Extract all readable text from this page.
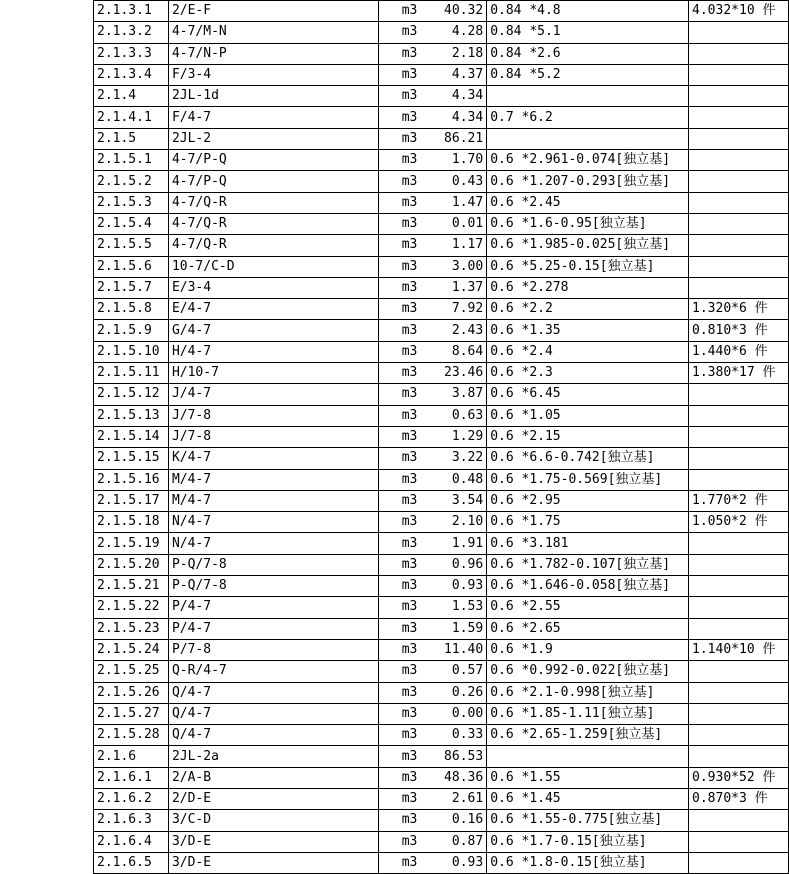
2.1.3.1	2/E-F	m3	40.32	0.84 *4.8	4.032*10 件
2.1.3.2	4-7/M-N	m3	4.28	0.84 *5.1	
2.1.3.3	4-7/N-P	m3	2.18	0.84 *2.6	
2.1.3.4	F/3-4	m3	4.37	0.84 *5.2	
2.1.4	2JL-1d	m3	4.34		
2.1.4.1	F/4-7	m3	4.34	0.7 *6.2	
2.1.5	2JL-2	m3	86.21		
2.1.5.1	4-7/P-Q	m3	1.70	0.6 *2.961-0.074[独立基]	
2.1.5.2	4-7/P-Q	m3	0.43	0.6 *1.207-0.293[独立基]	
2.1.5.3	4-7/Q-R	m3	1.47	0.6 *2.45	
2.1.5.4	4-7/Q-R	m3	0.01	0.6 *1.6-0.95[独立基]	
2.1.5.5	4-7/Q-R	m3	1.17	0.6 *1.985-0.025[独立基]	
2.1.5.6	10-7/C-D	m3	3.00	0.6 *5.25-0.15[独立基]	
2.1.5.7	E/3-4	m3	1.37	0.6 *2.278	
2.1.5.8	E/4-7	m3	7.92	0.6 *2.2	1.320*6 件
2.1.5.9	G/4-7	m3	2.43	0.6 *1.35	0.810*3 件
2.1.5.10	H/4-7	m3	8.64	0.6 *2.4	1.440*6 件
2.1.5.11	H/10-7	m3	23.46	0.6 *2.3	1.380*17 件
2.1.5.12	J/4-7	m3	3.87	0.6 *6.45	
2.1.5.13	J/7-8	m3	0.63	0.6 *1.05	
2.1.5.14	J/7-8	m3	1.29	0.6 *2.15	
2.1.5.15	K/4-7	m3	3.22	0.6 *6.6-0.742[独立基]	
2.1.5.16	M/4-7	m3	0.48	0.6 *1.75-0.569[独立基]	
2.1.5.17	M/4-7	m3	3.54	0.6 *2.95	1.770*2 件
2.1.5.18	N/4-7	m3	2.10	0.6 *1.75	1.050*2 件
2.1.5.19	N/4-7	m3	1.91	0.6 *3.181	
2.1.5.20	P-Q/7-8	m3	0.96	0.6 *1.782-0.107[独立基]	
2.1.5.21	P-Q/7-8	m3	0.93	0.6 *1.646-0.058[独立基]	
2.1.5.22	P/4-7	m3	1.53	0.6 *2.55	
2.1.5.23	P/4-7	m3	1.59	0.6 *2.65	
2.1.5.24	P/7-8	m3	11.40	0.6 *1.9	1.140*10 件
2.1.5.25	Q-R/4-7	m3	0.57	0.6 *0.992-0.022[独立基]	
2.1.5.26	Q/4-7	m3	0.26	0.6 *2.1-0.998[独立基]	
2.1.5.27	Q/4-7	m3	0.00	0.6 *1.85-1.11[独立基]	
2.1.5.28	Q/4-7	m3	0.33	0.6 *2.65-1.259[独立基]	
2.1.6	2JL-2a	m3	86.53		
2.1.6.1	2/A-B	m3	48.36	0.6 *1.55	0.930*52 件
2.1.6.2	2/D-E	m3	2.61	0.6 *1.45	0.870*3 件
2.1.6.3	3/C-D	m3	0.16	0.6 *1.55-0.775[独立基]	
2.1.6.4	3/D-E	m3	0.87	0.6 *1.7-0.15[独立基]	
2.1.6.5	3/D-E	m3	0.93	0.6 *1.8-0.15[独立基]	
